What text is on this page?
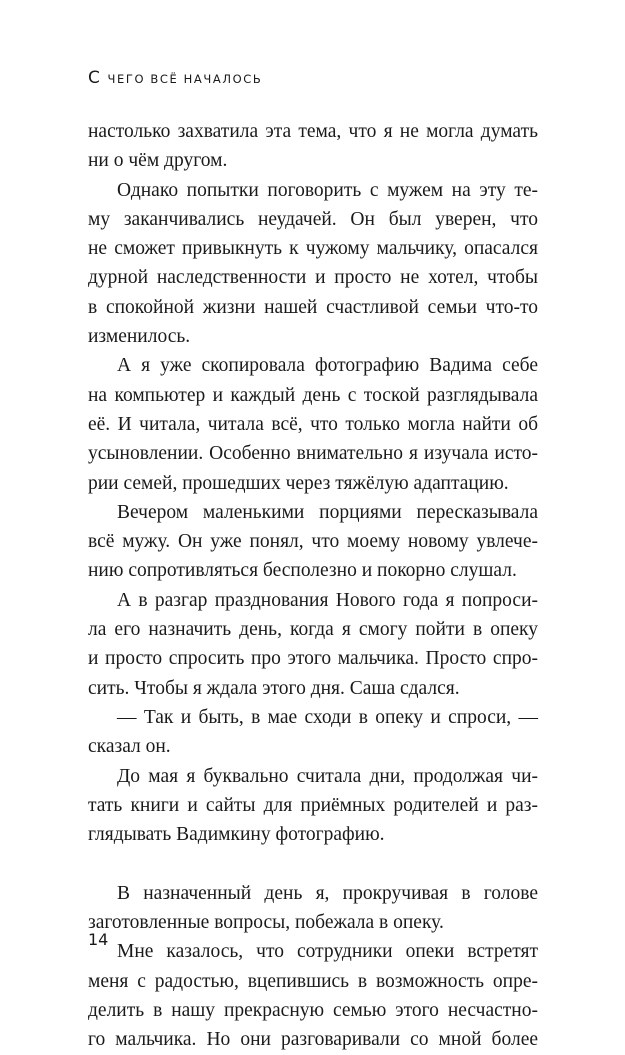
С ЧЕГО ВСЁ НАЧАЛОСЬ
настолько захватила эта тема, что я не могла думать
ни о чём другом.
Однако попытки поговорить с мужем на эту те-
му заканчивались неудачей. Он был уверен, что
не сможет привыкнуть к чужому мальчику, опасался
дурной наследственности и просто не хотел, чтобы
в спокойной жизни нашей счастливой семьи что-то
изменилось.
А я уже скопировала фотографию Вадима себе
на компьютер и каждый день с тоской разглядывала
её. И читала, читала всё, что только могла найти об
усыновлении. Особенно внимательно я изучала исто-
рии семей, прошедших через тяжёлую адаптацию.
Вечером маленькими порциями пересказывала
всё мужу. Он уже понял, что моему новому увлече-
нию сопротивляться бесполезно и покорно слушал.
А в разгар празднования Нового года я попроси-
ла его назначить день, когда я смогу пойти в опеку
и просто спросить про этого мальчика. Просто спро-
сить. Чтобы я ждала этого дня. Саша сдался.
— Так и быть, в мае сходи в опеку и спроси, —
сказал он.
До мая я буквально считала дни, продолжая чи-
тать книги и сайты для приёмных родителей и раз-
глядывать Вадимкину фотографию.
В назначенный день я, прокручивая в голове
заготовленные вопросы, побежала в опеку.
Мне казалось, что сотрудники опеки встретят
меня с радостью, вцепившись в возможность опре-
делить в нашу прекрасную семью этого несчастно-
го мальчика. Но они разговаривали со мной более
14
